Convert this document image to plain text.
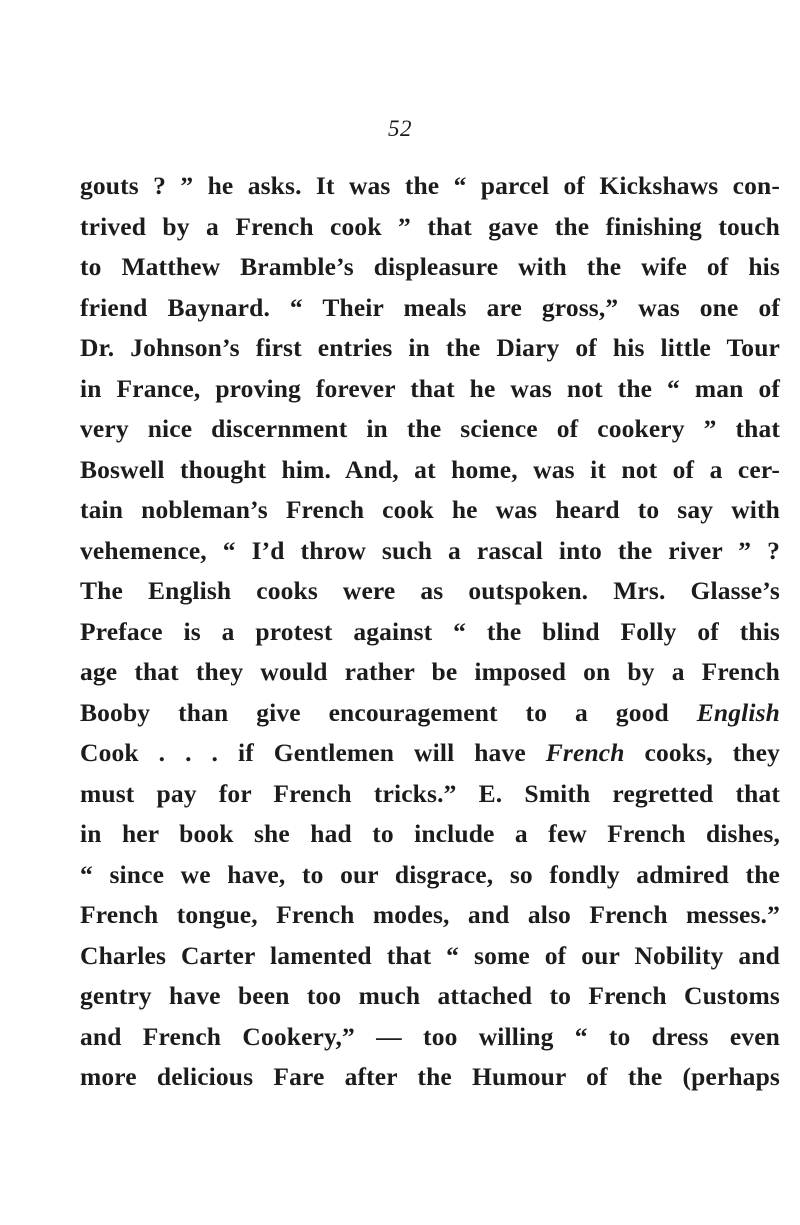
52
gouts ? ” he asks. It was the “ parcel of Kickshaws con-
trived by a French cook ” that gave the finishing touch
to Matthew Bramble’s displeasure with the wife of his
friend Baynard. “ Their meals are gross,” was one of
Dr. Johnson’s first entries in the Diary of his little Tour
in France, proving forever that he was not the “ man of
very nice discernment in the science of cookery ” that
Boswell thought him. And, at home, was it not of a cer-
tain nobleman’s French cook he was heard to say with
vehemence, “ I’d throw such a rascal into the river ” ?
The English cooks were as outspoken. Mrs. Glasse’s
Preface is a protest against “ the blind Folly of this
age that they would rather be imposed on by a French
Booby than give encouragement to a good English
Cook . . . if Gentlemen will have French cooks, they
must pay for French tricks.” E. Smith regretted that
in her book she had to include a few French dishes,
“ since we have, to our disgrace, so fondly admired the
French tongue, French modes, and also French messes.”
Charles Carter lamented that “ some of our Nobility and
gentry have been too much attached to French Customs
and French Cookery,” — too willing “ to dress even
more delicious Fare after the Humour of the (perhaps
